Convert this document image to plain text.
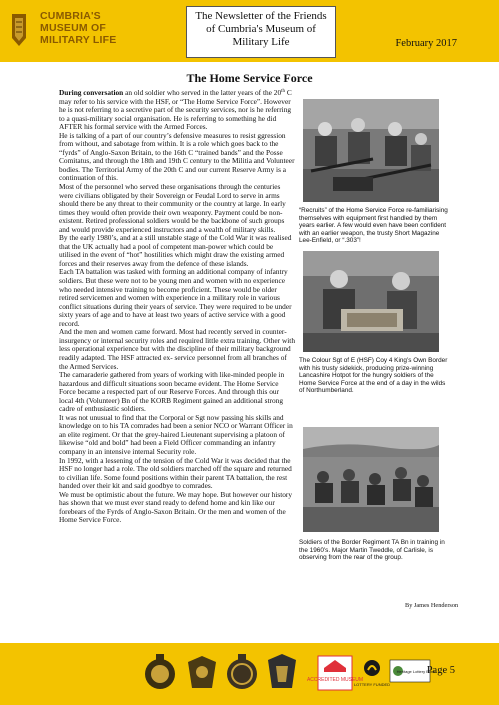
CUMBRIA'S
MUSEUM OF
MILITARY LIFE
The Newsletter of the Friends
of Cumbria's Museum of
Military Life	February 2017
The Home Service Force

During conversation an old soldier who served in the latter years of the 20th C may refer to his service with the HSF, or “The Home Service Force”. However he is not referring to a secretive part of the security services, nor is he referring to a quasi-military social organisation. He is referring to something he did AFTER his formal service with the Armed Forces.

He is talking of a part of our country’s defensive measures to resist ggression from without, and sabotage from within. It is a role which goes back to the “fyrds” of Anglo-Saxon Britain, to the 16th C “trained bands” and the Posse Comitatus, and through the 18th and 19th C century to the Militia and Volunteer bodies. The Territorial Army of the 20th C and our current Reserve Army is a continuation of this.

Most of the personnel who served these organisations through the centuries were civilians obligated by their Sovereign or Feudal Lord to serve in arms should there be any threat to their community or the country at large. In early times they would often provide their own weaponry. Payment could be non-existent. Retired professional soldiers would be the backbone of such groups and would provide experienced instructors and a wealth of military skills.

By the early 1980’s, and at a still unstable stage of the Cold War it was realised that the UK actually had a pool of competent man-power which could be utilised in the event of “hot” hostilities which might draw the existing armed forces and their reserves away from the defence of these islands.

Each TA battalion was tasked with forming an additional company of infantry soldiers. But these were not to be young men and women with no experience who needed intensive training to become proficient. These would be older retired servicemen and women with experience in a military role in various conflict situations during their years of service. They were required to be under sixty years of age and to have at least two years of active service with a good record.

And the men and women came forward. Most had recently served in counter-insurgency or internal security roles and required little extra training. Other with less operational experience but with the discipline of their military background readily adapted. The HSF attracted ex- service personnel from all branches of the Armed Services.

The camaraderie gathered from years of working with like-minded people in hazardous and difficult situations soon became evident. The Home Service Force became a respected part of our Reserve Forces. And through this our local 4th (Volunteer) Bn of the KORB Regiment gained an additional strong cadre of enthusiastic soldiers.

It was not unusual to find that the Corporal or Sgt now passing his skills and knowledge on to his TA comrades had been a senior NCO or Warrant Officer in an elite regiment. Or that the grey-haired Lieutenant supervising a platoon of likewise “old and bold” had been a Field Officer commanding an infantry company in an intensive internal Security role.

In 1992, with a lessening of the tension of the Cold War it was decided that the HSF no longer had a role. The old soldiers marched off the square and returned to civilian life. Some found positions within their parent TA battalion, the rest handed over their kit and said goodbye to comrades.

We must be optimistic about the future. We may hope. But however our history has shown that we must ever stand ready to defend home and kin like our forebears of the Fyrds of Anglo-Saxon Britain. Or the men and women of the Home Service Force.

“Recruits” of the Home Service Force re-familiarising themselves with equipment first handled by them years earlier. A few would even have been confident with an earlier weapon, the trusty Short Magazine Lee-Enfield, or “.303”!
The Colour Sgt of E (HSF) Coy 4 King’s Own Border with his trusty sidekick, producing prize-winning Lancashire Hotpot for the hungry soldiers of the Home Service Force at the end of a day in the wilds of Northumberland.
Soldiers of the Border Regiment TA Bn in training in the 1960’s. Major Martin Tweddle, of Carlisle, is observing from the rear of the group.
By James Henderson
ACCREDITED MUSEUM
LOTTERY FUNDED
Heritage Lottery Fund
Page 5
